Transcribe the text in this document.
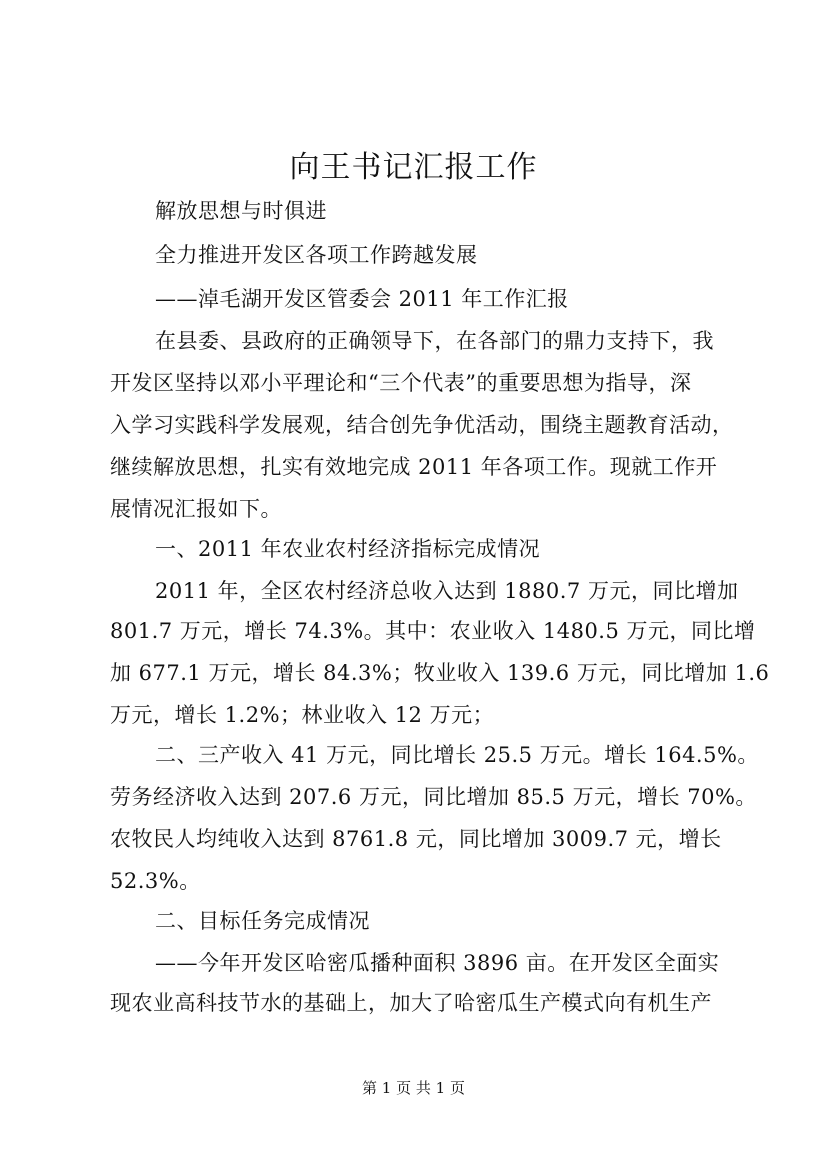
向王书记汇报工作
解放思想与时俱进
全力推进开发区各项工作跨越发展
——淖毛湖开发区管委会 2011 年工作汇报
在县委、县政府的正确领导下，在各部门的鼎力支持下，我
开发区坚持以邓小平理论和“三个代表”的重要思想为指导，深
入学习实践科学发展观，结合创先争优活动，围绕主题教育活动，
继续解放思想，扎实有效地完成 2011 年各项工作。现就工作开
展情况汇报如下。
一、2011 年农业农村经济指标完成情况
2011 年，全区农村经济总收入达到 1880.7 万元，同比增加
801.7 万元，增长 74.3%。其中：农业收入 1480.5 万元，同比增
加 677.1 万元，增长 84.3%；牧业收入 139.6 万元，同比增加 1.6
万元，增长 1.2%；林业收入 12 万元；
二、三产收入 41 万元，同比增长 25.5 万元。增长 164.5%。
劳务经济收入达到 207.6 万元，同比增加 85.5 万元，增长 70%。
农牧民人均纯收入达到 8761.8 元，同比增加 3009.7 元，增长
52.3%。
二、目标任务完成情况
——今年开发区哈密瓜播种面积 3896 亩。在开发区全面实
现农业高科技节水的基础上，加大了哈密瓜生产模式向有机生产
第 1 页 共 1 页
